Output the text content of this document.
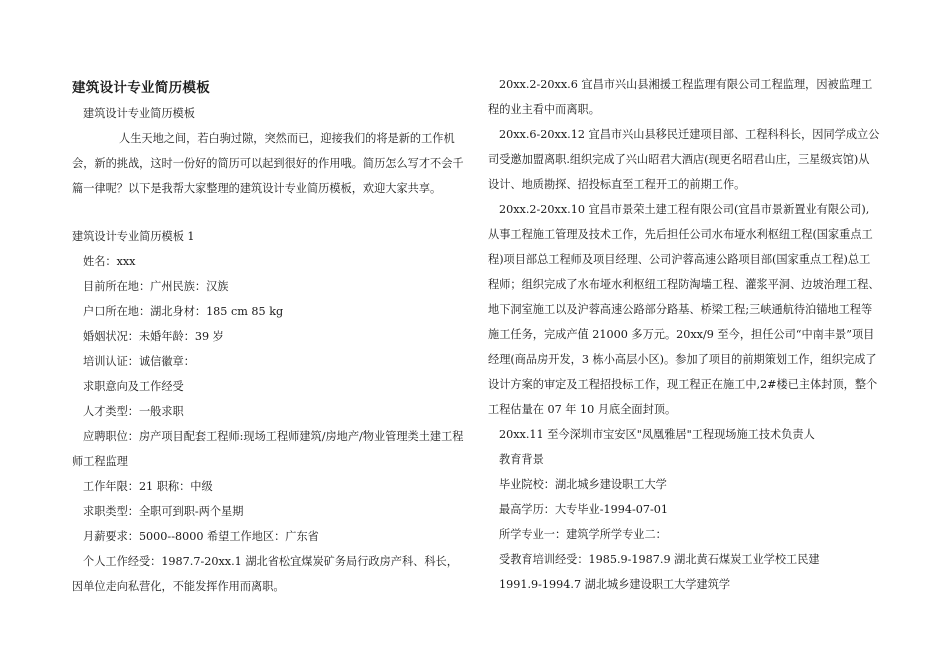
建筑设计专业简历模板
建筑设计专业简历模板
人生天地之间，若白驹过隙，突然而已，迎接我们的将是新的工作机会，新的挑战，这时一份好的简历可以起到很好的作用哦。简历怎么写才不会千篇一律呢？以下是我帮大家整理的建筑设计专业简历模板，欢迎大家共享。
建筑设计专业简历模板 1
姓名：xxx
目前所在地：广州民族：汉族
户口所在地：湖北身材：185 cm 85 kg
婚姻状况：未婚年龄：39 岁
培训认证：诚信徽章：
求职意向及工作经受
人才类型：一般求职
应聘职位：房产项目配套工程师:现场工程师建筑/房地产/物业管理类土建工程师工程监理
工作年限：21 职称：中级
求职类型：全职可到职-两个星期
月薪要求：5000--8000 希望工作地区：广东省
个人工作经受：1987.7-20xx.1 湖北省松宜煤炭矿务局行政房产科、科长，因单位走向私营化，不能发挥作用而离职。
20xx.2-20xx.6 宜昌市兴山县湘援工程监理有限公司工程监理，因被监理工程的业主看中而离职。
20xx.6-20xx.12 宜昌市兴山县移民迁建项目部、工程科科长，因同学成立公司受邀加盟离职.组织完成了兴山昭君大酒店(现更名昭君山庄，三星级宾馆)从设计、地质勘探、招投标直至工程开工的前期工作。
20xx.2-20xx.10 宜昌市景荣土建工程有限公司(宜昌市景新置业有限公司),从事工程施工管理及技术工作，先后担任公司水布垭水利枢纽工程(国家重点工程)项目部总工程师及项目经理、公司沪蓉高速公路项目部(国家重点工程)总工程师；组织完成了水布垭水利枢纽工程防淘墙工程、灌浆平洞、边坡治理工程、地下洞室施工以及沪蓉高速公路部分路基、桥梁工程;三峡通航待泊锚地工程等施工任务，完成产值 21000 多万元。20xx/9 至今，担任公司“中南丰景”项目经理(商品房开发，3 栋小高层小区)。参加了项目的前期策划工作，组织完成了设计方案的审定及工程招投标工作，现工程正在施工中,2#楼已主体封顶，整个工程估量在 07 年 10 月底全面封顶。
20xx.11 至今深圳市宝安区"凤凰雅居"工程现场施工技术负责人
教育背景
毕业院校：湖北城乡建设职工大学
最高学历：大专毕业-1994-07-01
所学专业一：建筑学所学专业二：
受教育培训经受：1985.9-1987.9 湖北黄石煤炭工业学校工民建
1991.9-1994.7 湖北城乡建设职工大学建筑学
